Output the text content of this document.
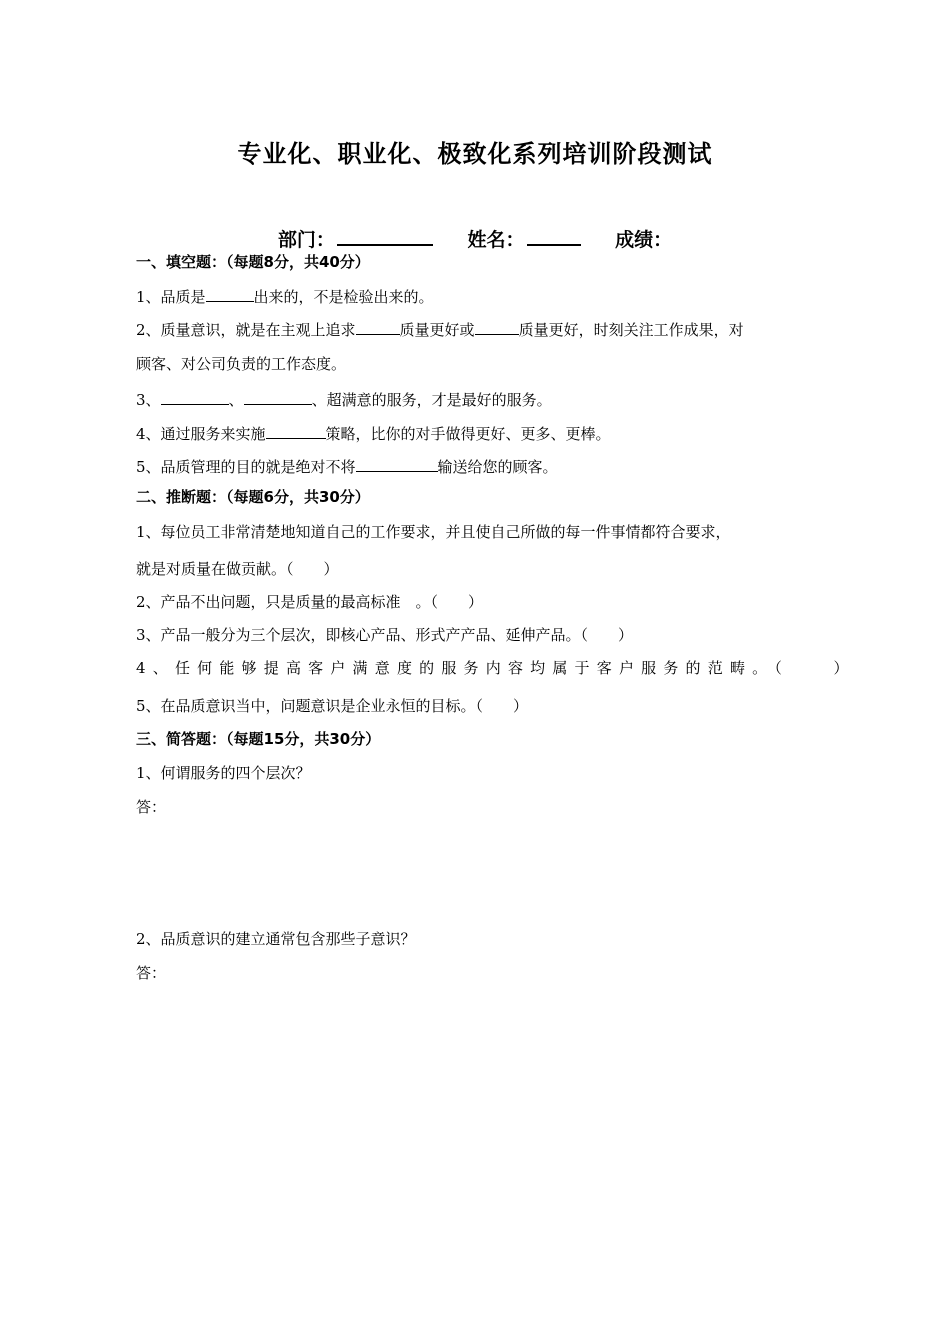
专业化、职业化、极致化系列培训阶段测试
部门：	姓名：	成绩：
一、填空题：（每题8分，共40分）
1、品质是	出来的，不是检验出来的。
2、质量意识，就是在主观上追求	质量更好或	质量更好，时刻关注工作成果，对
顾客、对公司负责的工作态度。
3、	、	、超满意的服务，才是最好的服务。
4、通过服务来实施	策略，比你的对手做得更好、更多、更棒。
5、品质管理的目的就是绝对不将	输送给您的顾客。
二、推断题：（每题6分，共30分）
1、每位员工非常清楚地知道自己的工作要求，并且使自己所做的每一件事情都符合要求，
就是对质量在做贡献。（　　）
2、产品不出问题，只是质量的最高标准　。（　　）
3、产品一般分为三个层次，即核心产品、形式产产品、延伸产品。（　　）
4、任何能够提高客户满意度的服务内容均属于客户服务的范畴。（　　）
5、在品质意识当中，问题意识是企业永恒的目标。（　　）
三、简答题：（每题15分，共30分）
1、何谓服务的四个层次？
答：
2、品质意识的建立通常包含那些子意识？
答：
